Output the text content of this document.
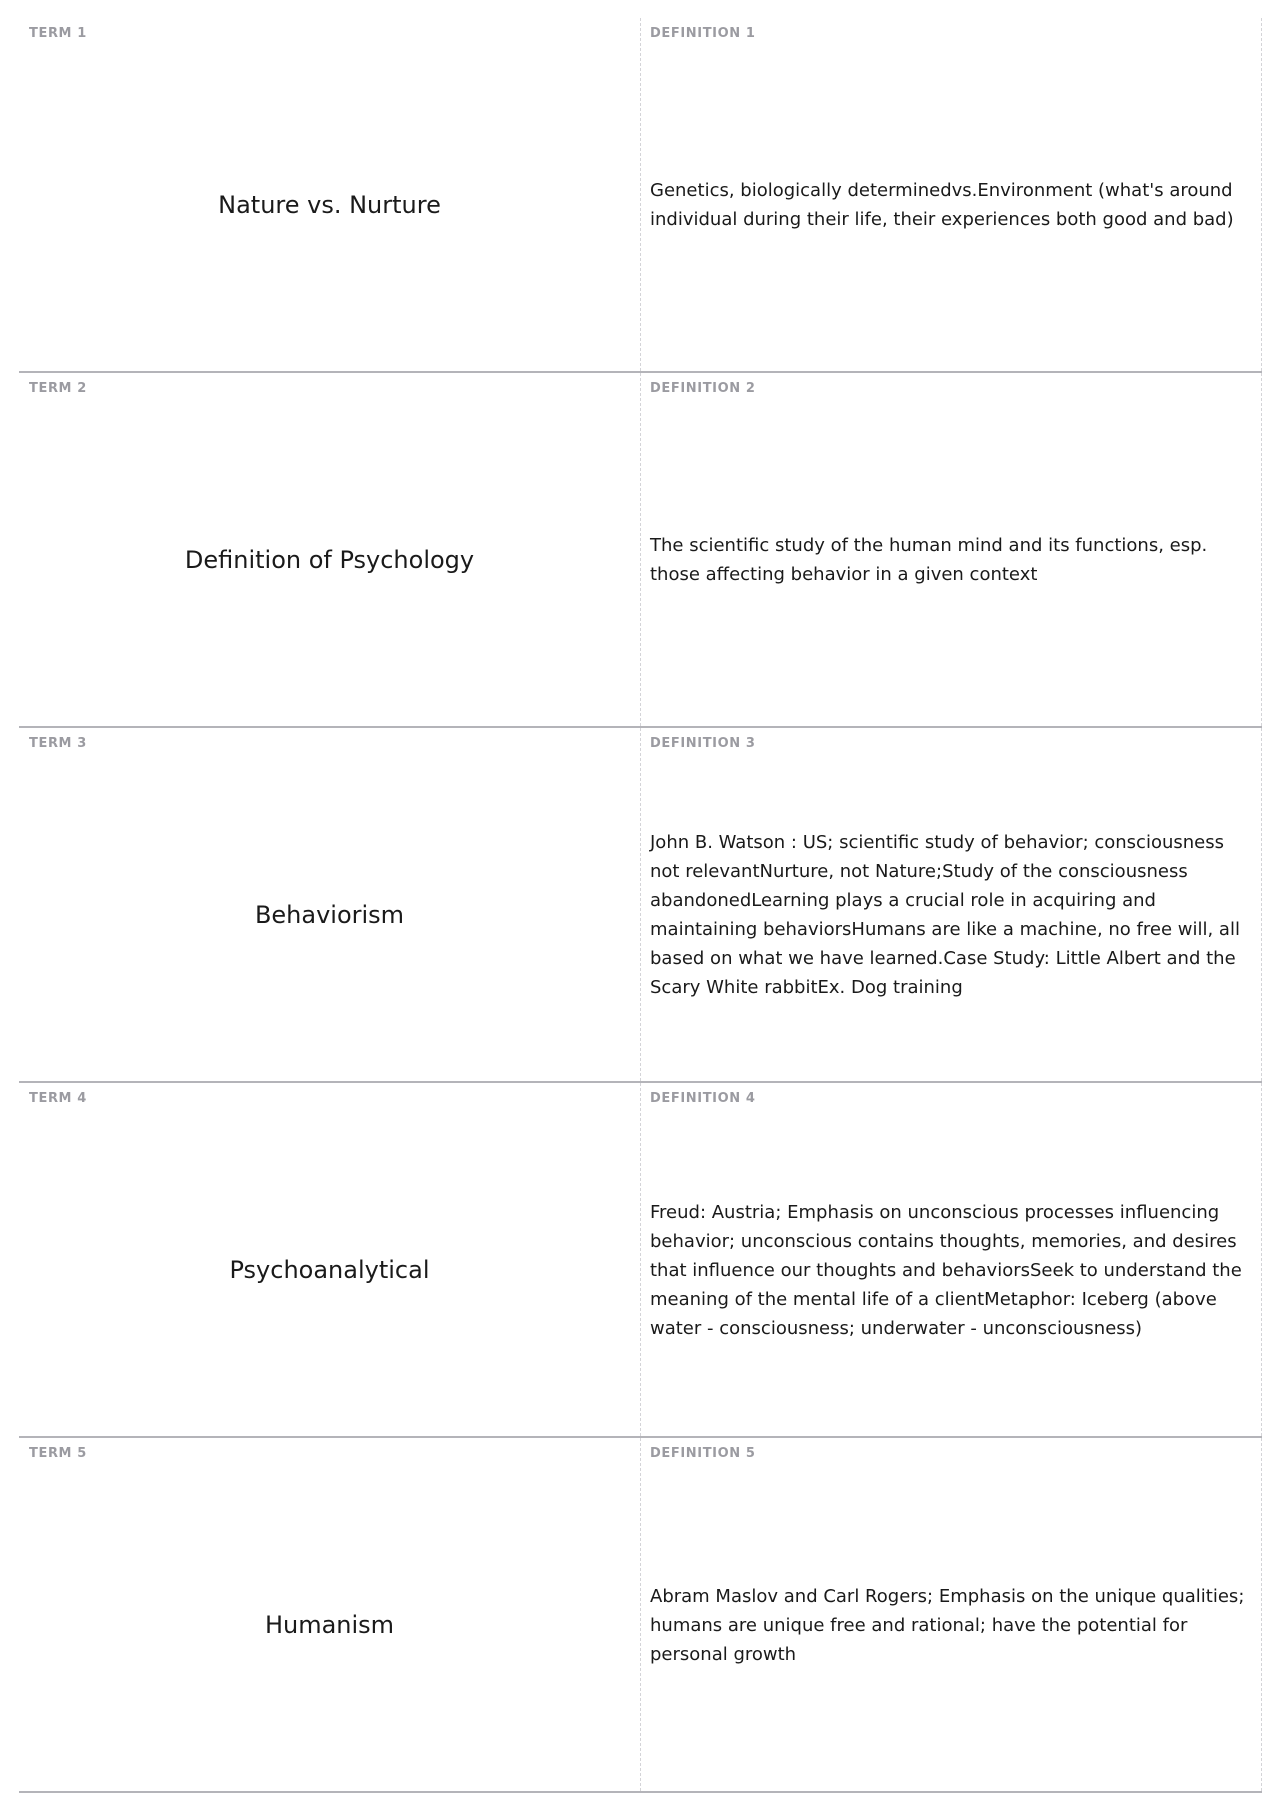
TERM 1
Nature vs. Nurture
DEFINITION 1
Genetics, biologically determinedvs.Environment (what's around individual during their life, their experiences both good and bad)
TERM 2
Definition of Psychology
DEFINITION 2
The scientific study of the human mind and its functions, esp. those affecting behavior in a given context
TERM 3
Behaviorism
DEFINITION 3
John B. Watson : US; scientific study of behavior; consciousness not relevantNurture, not Nature;Study of the consciousness abandonedLearning plays a crucial role in acquiring and maintaining behaviorsHumans are like a machine, no free will, all based on what we have learned.Case Study: Little Albert and the Scary White rabbitEx. Dog training
TERM 4
Psychoanalytical
DEFINITION 4
Freud: Austria; Emphasis on unconscious processes influencing behavior; unconscious contains thoughts, memories, and desires that influence our thoughts and behaviorsSeek to understand the meaning of the mental life of a clientMetaphor: Iceberg (above water - consciousness; underwater - unconsciousness)
TERM 5
Humanism
DEFINITION 5
Abram Maslov and Carl Rogers; Emphasis on the unique qualities; humans are unique free and rational; have the potential for personal growth
